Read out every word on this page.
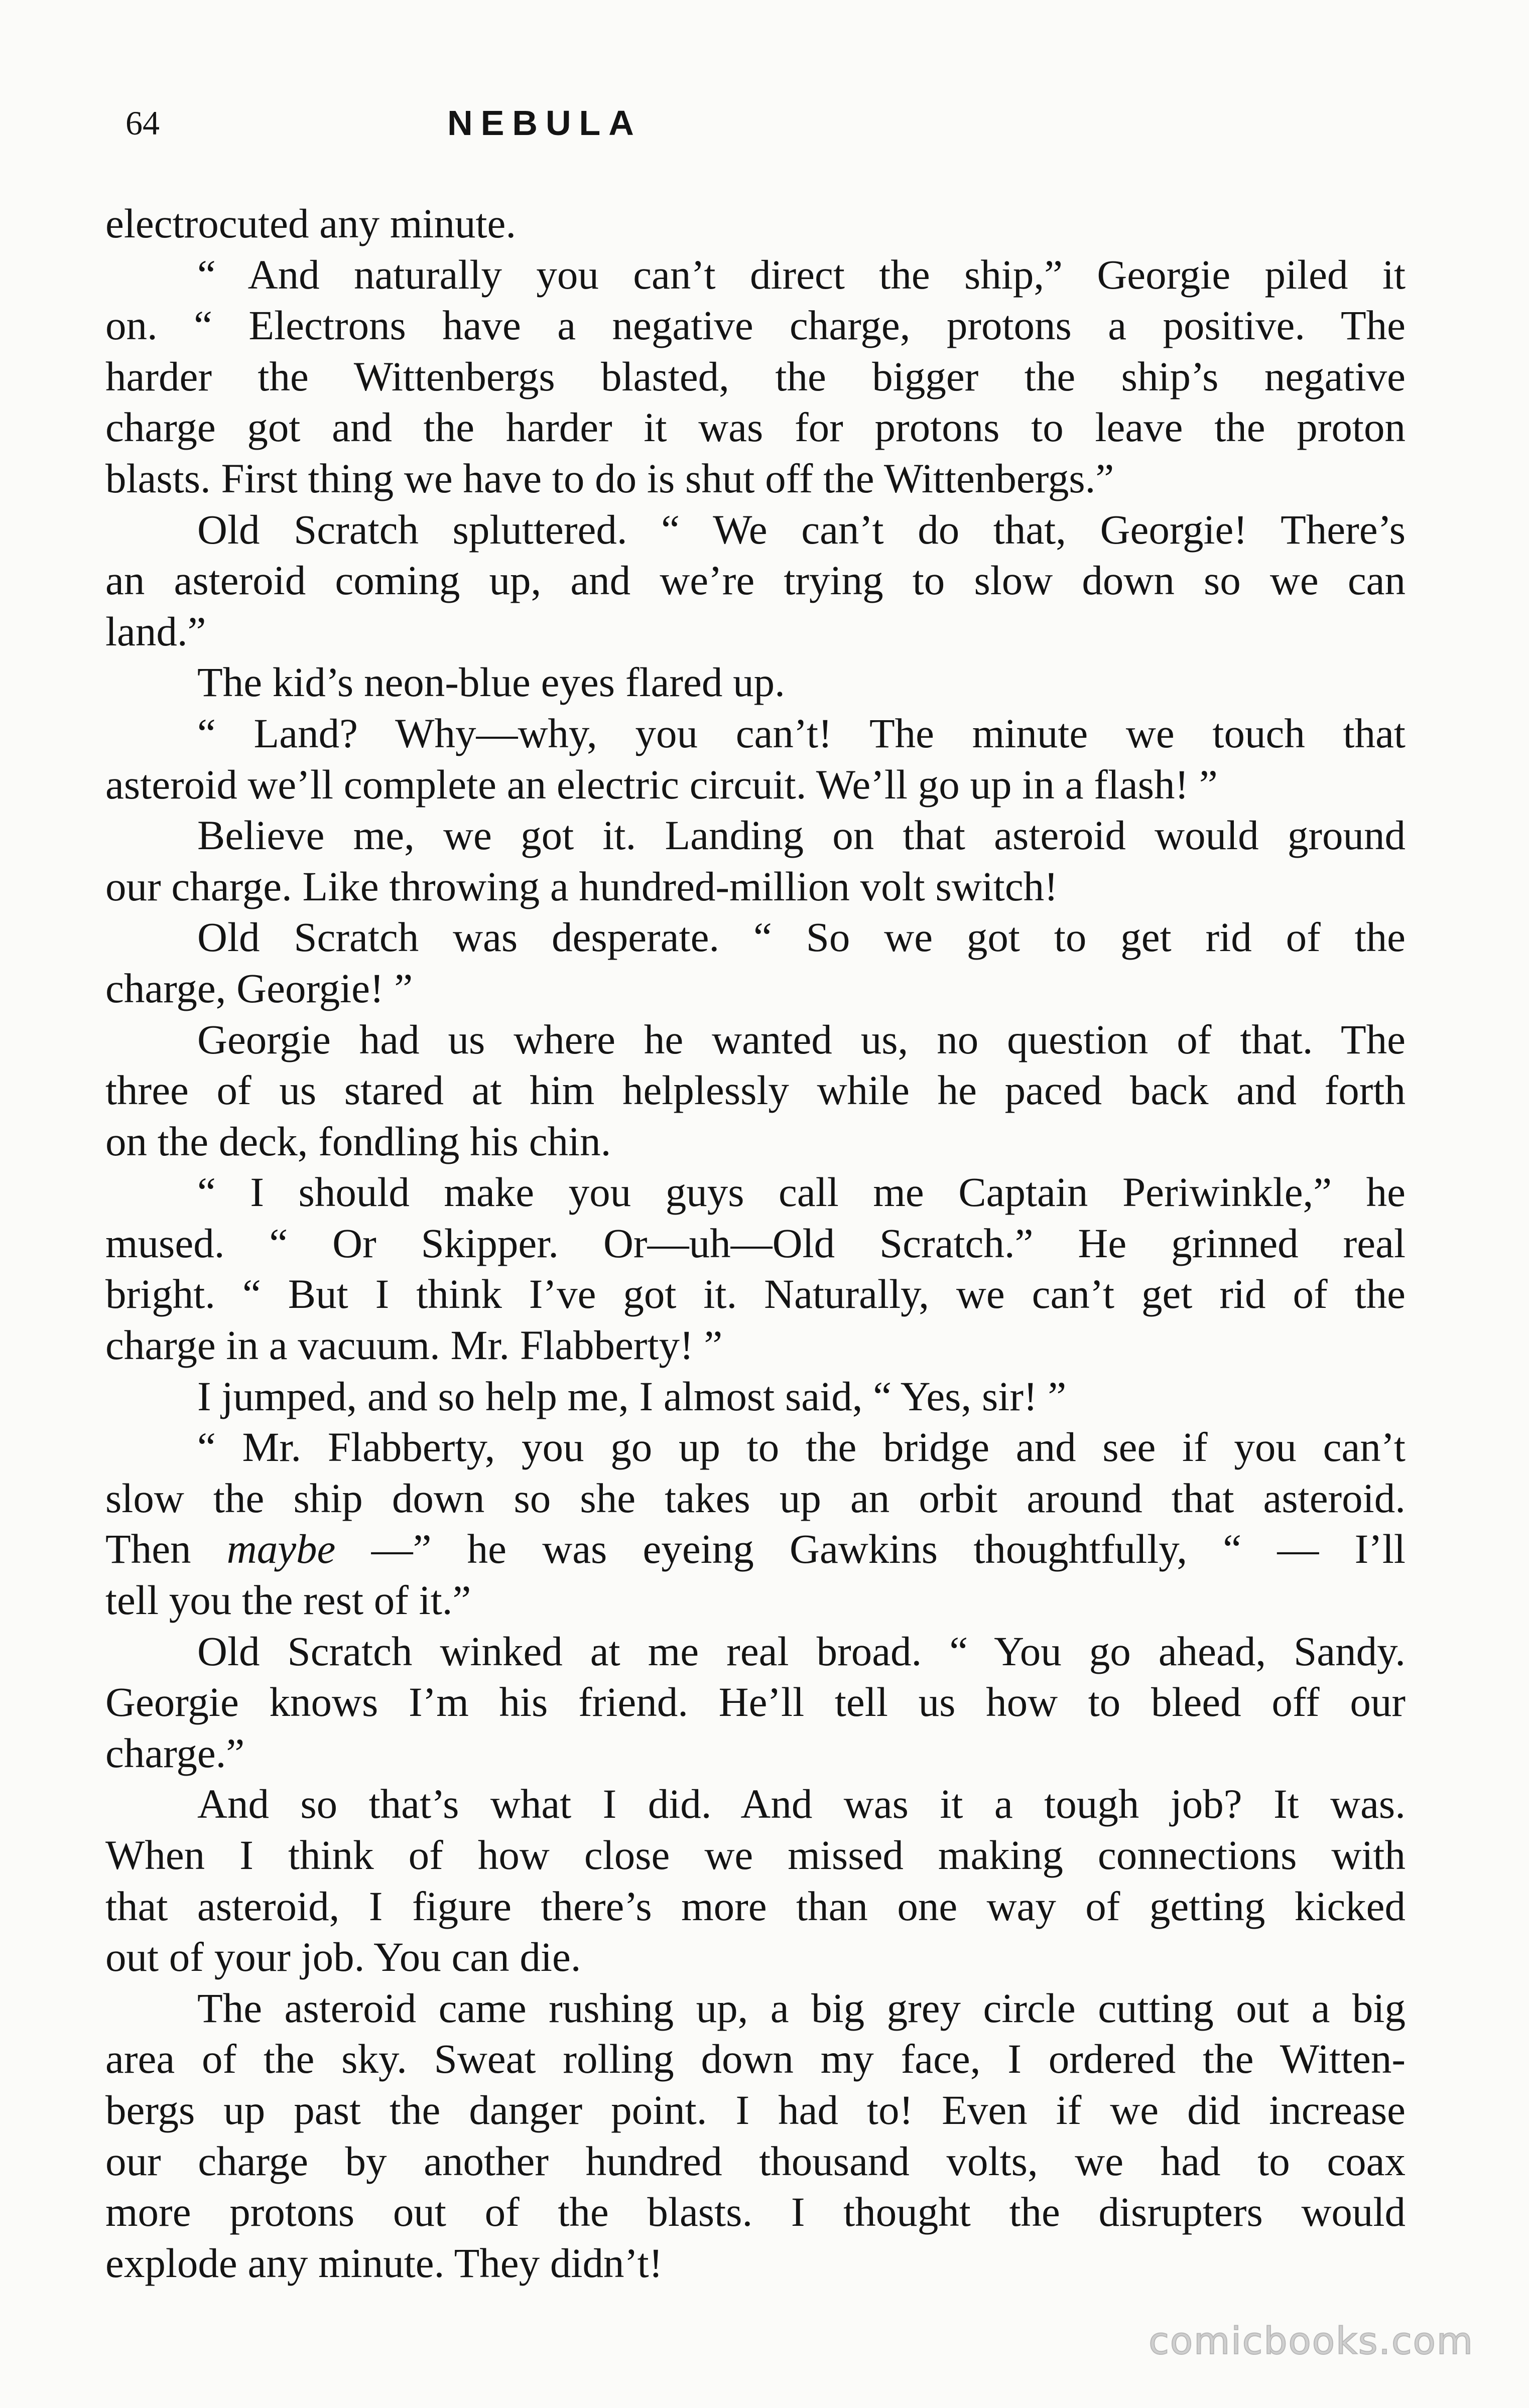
64	NEBULA
electrocuted any minute.
“ And naturally you can’t direct the ship,” Georgie piled it
on. “ Electrons have a negative charge, protons a positive. The
harder the Wittenbergs blasted, the bigger the ship’s negative
charge got and the harder it was for protons to leave the proton
blasts. First thing we have to do is shut off the Wittenbergs.”
Old Scratch spluttered. “ We can’t do that, Georgie! There’s
an asteroid coming up, and we’re trying to slow down so we can
land.”
The kid’s neon-blue eyes flared up.
“ Land? Why—why, you can’t! The minute we touch that
asteroid we’ll complete an electric circuit. We’ll go up in a flash! ”
Believe me, we got it. Landing on that asteroid would ground
our charge. Like throwing a hundred-million volt switch!
Old Scratch was desperate. “ So we got to get rid of the
charge, Georgie! ”
Georgie had us where he wanted us, no question of that. The
three of us stared at him helplessly while he paced back and forth
on the deck, fondling his chin.
“ I should make you guys call me Captain Periwinkle,” he
mused. “ Or Skipper. Or—uh—Old Scratch.” He grinned real
bright. “ But I think I’ve got it. Naturally, we can’t get rid of the
charge in a vacuum. Mr. Flabberty! ”
I jumped, and so help me, I almost said, “ Yes, sir! ”
“ Mr. Flabberty, you go up to the bridge and see if you can’t
slow the ship down so she takes up an orbit around that asteroid.
Then maybe —” he was eyeing Gawkins thoughtfully, “ — I’ll
tell you the rest of it.”
Old Scratch winked at me real broad. “ You go ahead, Sandy.
Georgie knows I’m his friend. He’ll tell us how to bleed off our
charge.”
And so that’s what I did. And was it a tough job? It was.
When I think of how close we missed making connections with
that asteroid, I figure there’s more than one way of getting kicked
out of your job. You can die.
The asteroid came rushing up, a big grey circle cutting out a big
area of the sky. Sweat rolling down my face, I ordered the Witten-
bergs up past the danger point. I had to! Even if we did increase
our charge by another hundred thousand volts, we had to coax
more protons out of the blasts. I thought the disrupters would
explode any minute. They didn’t!
comicbooks.com
